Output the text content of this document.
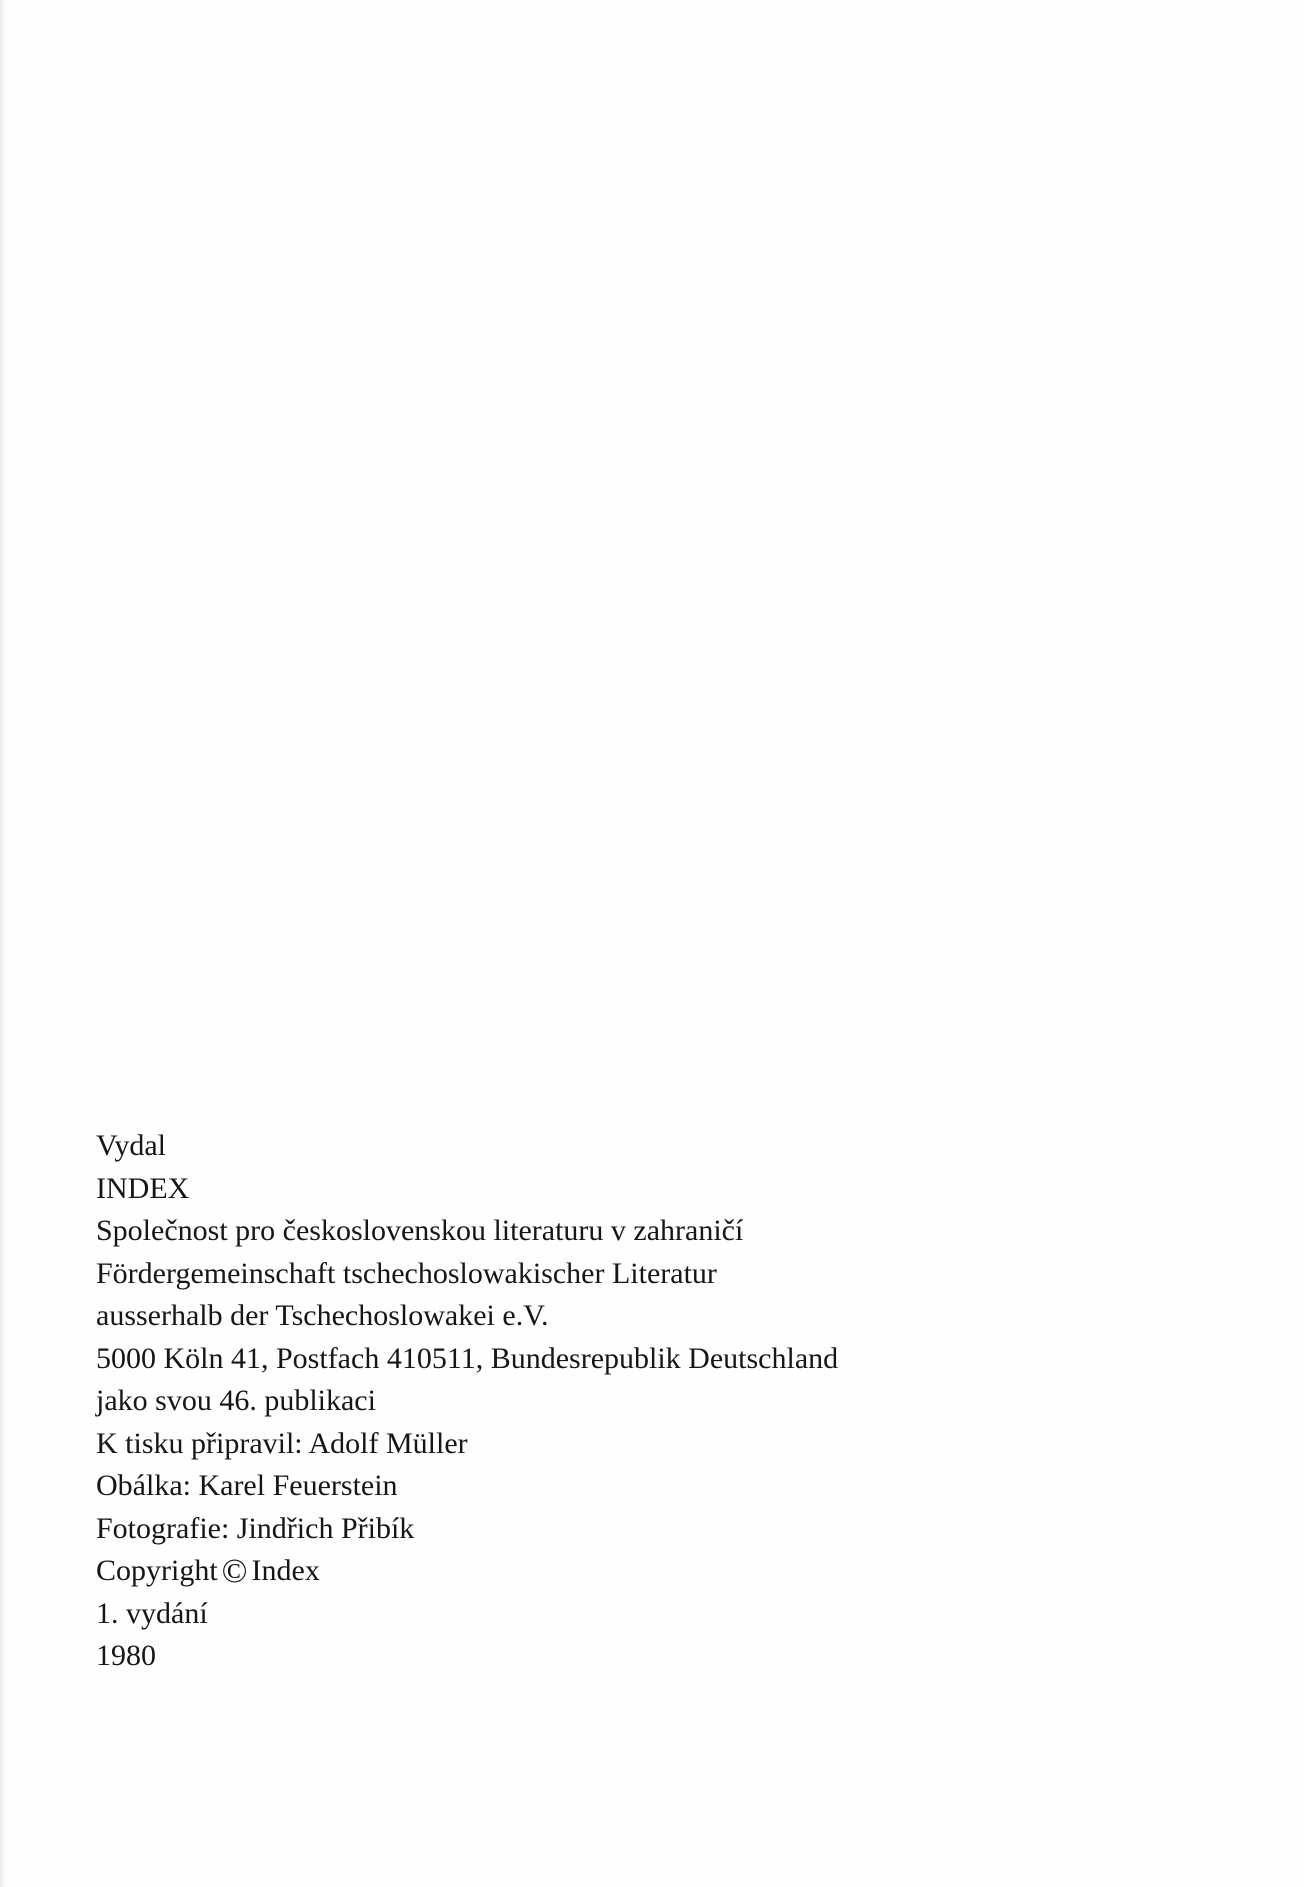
Vydal
INDEX
Společnost pro československou literaturu v zahraničí
Fördergemeinschaft tschechoslowakischer Literatur
ausserhalb der Tschechoslowakei e.V.
5000 Köln 41, Postfach 410511, Bundesrepublik Deutschland
jako svou 46. publikaci
K tisku připravil: Adolf Müller
Obálka: Karel Feuerstein
Fotografie: Jindřich Přibík
Copyright © Index
1. vydání
1980
